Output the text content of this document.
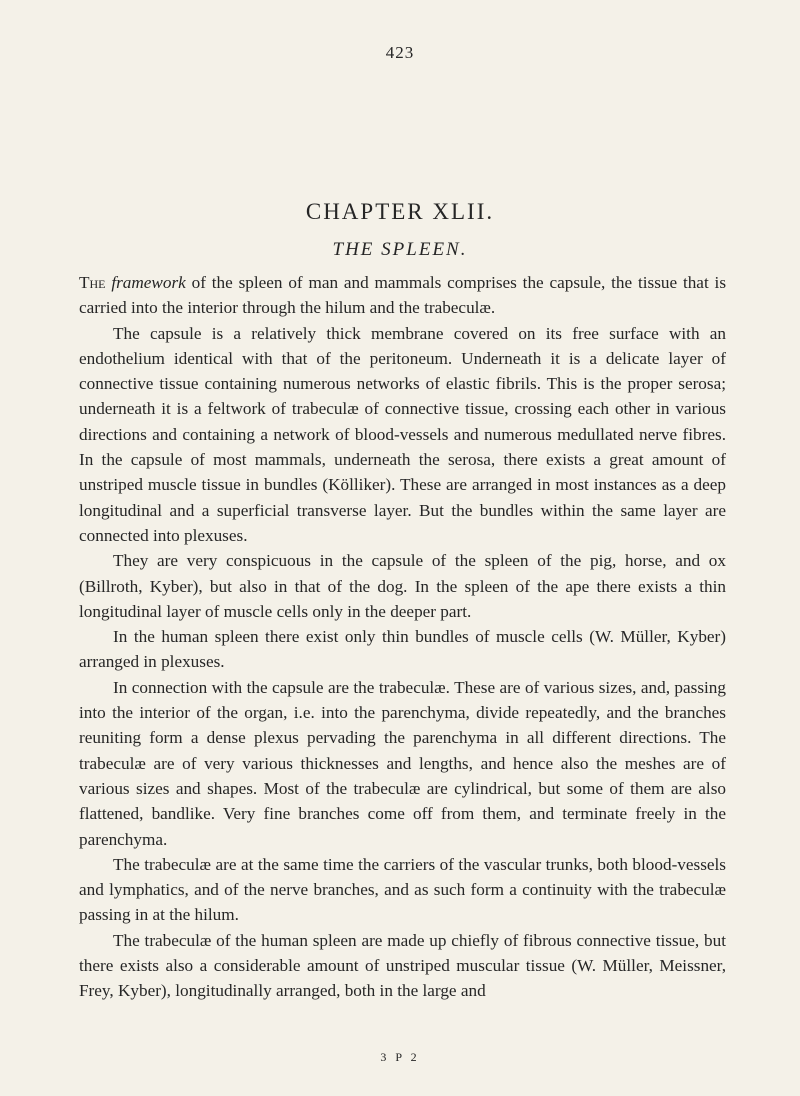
423
CHAPTER XLII.
THE SPLEEN.

The framework of the spleen of man and mammals comprises the capsule, the tissue that is carried into the interior through the hilum and the trabeculæ.

The capsule is a relatively thick membrane covered on its free surface with an endothelium identical with that of the peritoneum. Underneath it is a delicate layer of connective tissue containing numerous networks of elastic fibrils. This is the proper serosa; underneath it is a feltwork of trabeculæ of connective tissue, crossing each other in various directions and containing a network of blood-vessels and numerous medullated nerve fibres. In the capsule of most mammals, underneath the serosa, there exists a great amount of unstriped muscle tissue in bundles (Kölliker). These are arranged in most instances as a deep longitudinal and a superficial transverse layer. But the bundles within the same layer are connected into plexuses.

They are very conspicuous in the capsule of the spleen of the pig, horse, and ox (Billroth, Kyber), but also in that of the dog. In the spleen of the ape there exists a thin longitudinal layer of muscle cells only in the deeper part.

In the human spleen there exist only thin bundles of muscle cells (W. Müller, Kyber) arranged in plexuses.

In connection with the capsule are the trabeculæ. These are of various sizes, and, passing into the interior of the organ, i.e. into the parenchyma, divide repeatedly, and the branches reuniting form a dense plexus pervading the parenchyma in all different directions. The trabeculæ are of very various thicknesses and lengths, and hence also the meshes are of various sizes and shapes. Most of the trabeculæ are cylindrical, but some of them are also flattened, bandlike. Very fine branches come off from them, and terminate freely in the parenchyma.

The trabeculæ are at the same time the carriers of the vascular trunks, both blood-vessels and lymphatics, and of the nerve branches, and as such form a continuity with the trabeculæ passing in at the hilum.

The trabeculæ of the human spleen are made up chiefly of fibrous connective tissue, but there exists also a considerable amount of unstriped muscular tissue (W. Müller, Meissner, Frey, Kyber), longitudinally arranged, both in the large and

3 P 2
